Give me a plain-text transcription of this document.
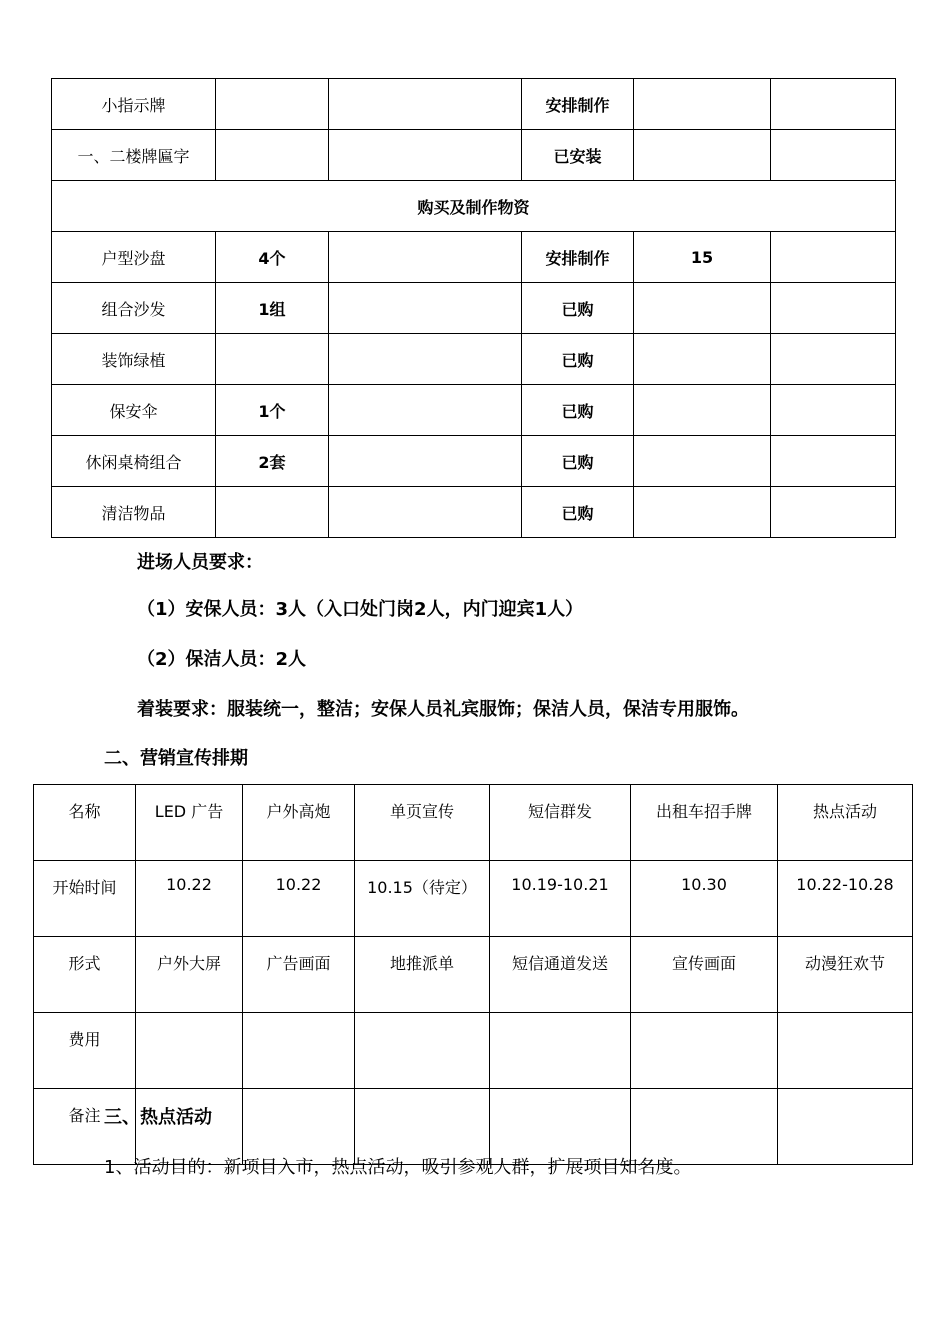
小指示牌			安排制作		
一、二楼牌匾字			已安装		
购买及制作物资					
户型沙盘	4个		安排制作	15	
组合沙发	1组		已购		
装饰绿植			已购		
保安伞	1个		已购		
休闲桌椅组合	2套		已购		
清洁物品			已购		
进场人员要求：
（1）安保人员：3人（入口处门岗2人，内门迎宾1人）
（2）保洁人员：2人
着装要求：服装统一，整洁；安保人员礼宾服饰；保洁人员，保洁专用服饰。
二、营销宣传排期
名称	LED 广告	户外高炮	单页宣传	短信群发	出租车招手牌	热点活动
开始时间	10.22	10.22	10.15（待定）	10.19-10.21	10.30	10.22-10.28
形式	户外大屏	广告画面	地推派单	短信通道发送	宣传画面	动漫狂欢节
费用						
备注						三、热点活动
1、活动目的：新项目入市，热点活动，吸引参观人群，扩展项目知名度。
